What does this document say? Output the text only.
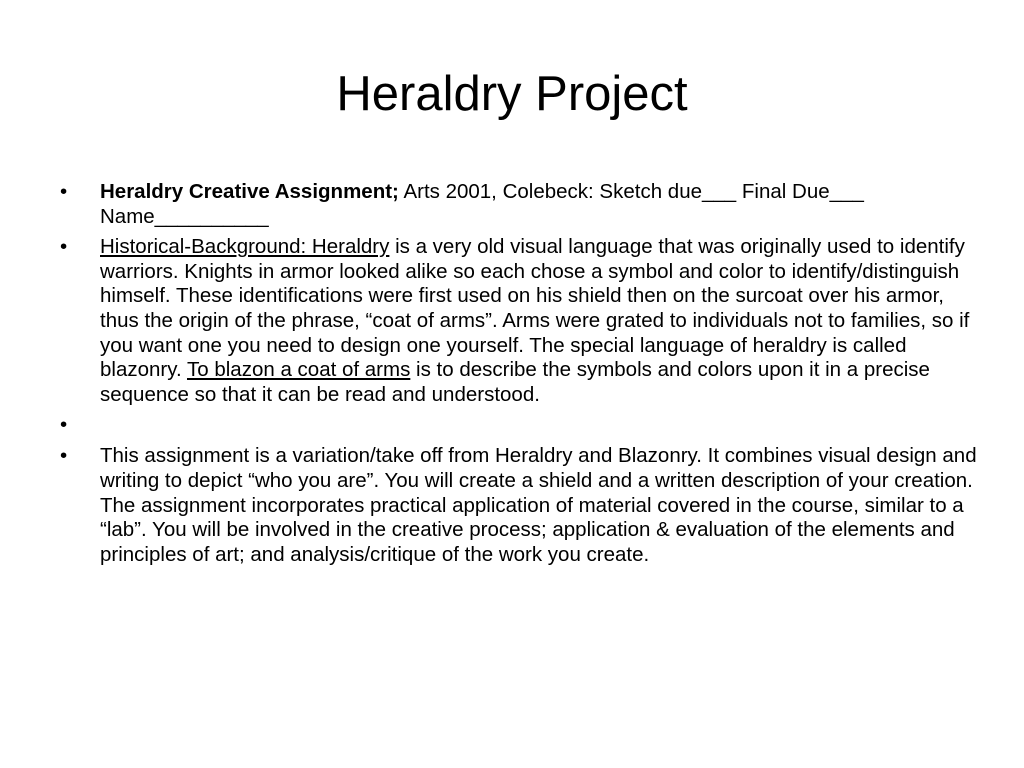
Heraldry Project
•	Heraldry Creative Assignment; Arts 2001, Colebeck: Sketch due___ Final Due___ Name__________
•	Historical-Background: Heraldry is a very old visual language that was originally used to identify warriors. Knights in armor looked alike so each chose a symbol and color to identify/distinguish himself. These identifications were first used on his shield then on the surcoat over his armor, thus the origin of the phrase, “coat of arms”. Arms were grated to individuals not to families, so if you want one you need to design one yourself. The special language of heraldry is called blazonry. To blazon a coat of arms is to describe the symbols and colors upon it in a precise sequence so that it can be read and understood.
•
•	This assignment is a variation/take off from Heraldry and Blazonry. It combines visual design and writing to depict “who you are”. You will create a shield and a written description of your creation. The assignment incorporates practical application of material covered in the course, similar to a “lab”. You will be involved in the creative process; application & evaluation of the elements and principles of art; and analysis/critique of the work you create.
